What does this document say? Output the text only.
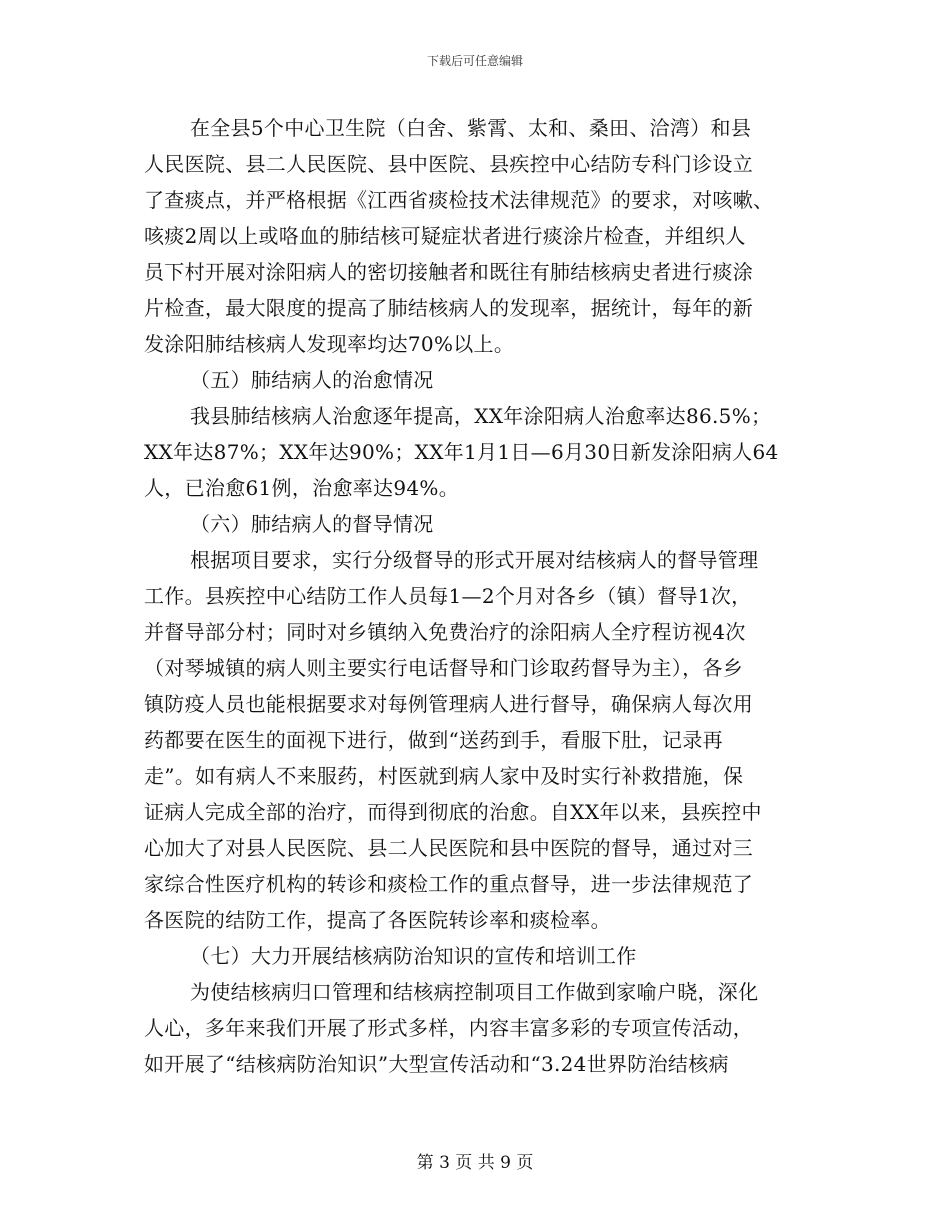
下载后可任意编辑
在全县5个中心卫生院（白舍、紫霄、太和、桑田、洽湾）和县
人民医院、县二人民医院、县中医院、县疾控中心结防专科门诊设立
了查痰点，并严格根据《江西省痰检技术法律规范》的要求，对咳嗽、
咳痰2周以上或咯血的肺结核可疑症状者进行痰涂片检查，并组织人
员下村开展对涂阳病人的密切接触者和既往有肺结核病史者进行痰涂
片检查，最大限度的提高了肺结核病人的发现率，据统计，每年的新
发涂阳肺结核病人发现率均达70%以上。
（五）肺结病人的治愈情况
我县肺结核病人治愈逐年提高，XX年涂阳病人治愈率达86.5%；
XX年达87%；XX年达90%；XX年1月1日—6月30日新发涂阳病人64
人，已治愈61例，治愈率达94%。
（六）肺结病人的督导情况
根据项目要求，实行分级督导的形式开展对结核病人的督导管理
工作。县疾控中心结防工作人员每1—2个月对各乡（镇）督导1次，
并督导部分村；同时对乡镇纳入免费治疗的涂阳病人全疗程访视4次
（对琴城镇的病人则主要实行电话督导和门诊取药督导为主），各乡
镇防疫人员也能根据要求对每例管理病人进行督导，确保病人每次用
药都要在医生的面视下进行，做到“送药到手，看服下肚，记录再
走”。如有病人不来服药，村医就到病人家中及时实行补救措施，保
证病人完成全部的治疗，而得到彻底的治愈。自XX年以来，县疾控中
心加大了对县人民医院、县二人民医院和县中医院的督导，通过对三
家综合性医疗机构的转诊和痰检工作的重点督导，进一步法律规范了
各医院的结防工作，提高了各医院转诊率和痰检率。
（七）大力开展结核病防治知识的宣传和培训工作
为使结核病归口管理和结核病控制项目工作做到家喻户晓，深化
人心，多年来我们开展了形式多样，内容丰富多彩的专项宣传活动，
如开展了“结核病防治知识”大型宣传活动和“3.24世界防治结核病
第 3 页 共 9 页
